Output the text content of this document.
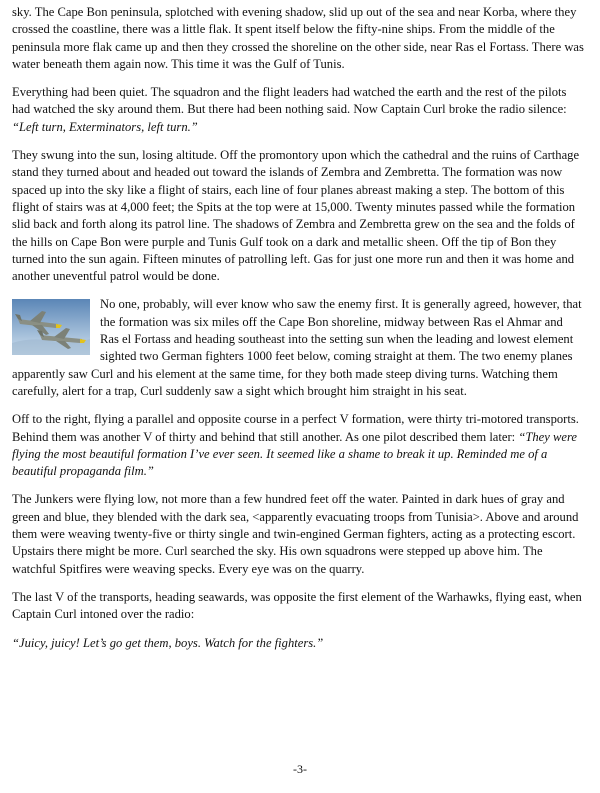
sky. The Cape Bon peninsula, splotched with evening shadow, slid up out of the sea and near Korba, where they crossed the coastline, there was a little flak. It spent itself below the fifty-nine ships. From the middle of the peninsula more flak came up and then they crossed the shoreline on the other side, near Ras el Fortass. There was water beneath them again now. This time it was the Gulf of Tunis.

Everything had been quiet. The squadron and the flight leaders had watched the earth and the rest of the pilots had watched the sky around them. But there had been nothing said. Now Captain Curl broke the radio silence: “Left turn, Exterminators, left turn.”

They swung into the sun, losing altitude. Off the promontory upon which the cathedral and the ruins of Carthage stand they turned about and headed out toward the islands of Zembra and Zembretta. The formation was now spaced up into the sky like a flight of stairs, each line of four planes abreast making a step. The bottom of this flight of stairs was at 4,000 feet; the Spits at the top were at 15,000. Twenty minutes passed while the formation slid back and forth along its patrol line. The shadows of Zembra and Zembretta grew on the sea and the folds of the hills on Cape Bon were purple and Tunis Gulf took on a dark and metallic sheen. Off the tip of Bon they turned into the sun again. Fifteen minutes of patrolling left. Gas for just one more run and then it was home and another uneventful patrol would be done.

No one, probably, will ever know who saw the enemy first. It is generally agreed, however, that the formation was six miles off the Cape Bon shoreline, midway between Ras el Ahmar and Ras el Fortass and heading southeast into the setting sun when the leading and lowest element sighted two German fighters 1000 feet below, coming straight at them. The two enemy planes apparently saw Curl and his element at the same time, for they both made steep diving turns. Watching them carefully, alert for a trap, Curl suddenly saw a sight which brought him straight in his seat.

Off to the right, flying a parallel and opposite course in a perfect V formation, were thirty tri-motored transports. Behind them was another V of thirty and behind that still another. As one pilot described them later: “They were flying the most beautiful formation I’ve ever seen. It seemed like a shame to break it up. Reminded me of a beautiful propaganda film.”

The Junkers were flying low, not more than a few hundred feet off the water. Painted in dark hues of gray and green and blue, they blended with the dark sea, <apparently evacuating troops from Tunisia>. Above and around them were weaving twenty-five or thirty single and twin-engined German fighters, acting as a protecting escort. Upstairs there might be more. Curl searched the sky. His own squadrons were stepped up above him. The watchful Spitfires were weaving specks. Every eye was on the quarry.

The last V of the transports, heading seawards, was opposite the first element of the Warhawks, flying east, when Captain Curl intoned over the radio:

“Juicy, juicy! Let’s go get them, boys. Watch for the fighters.”

-3-
